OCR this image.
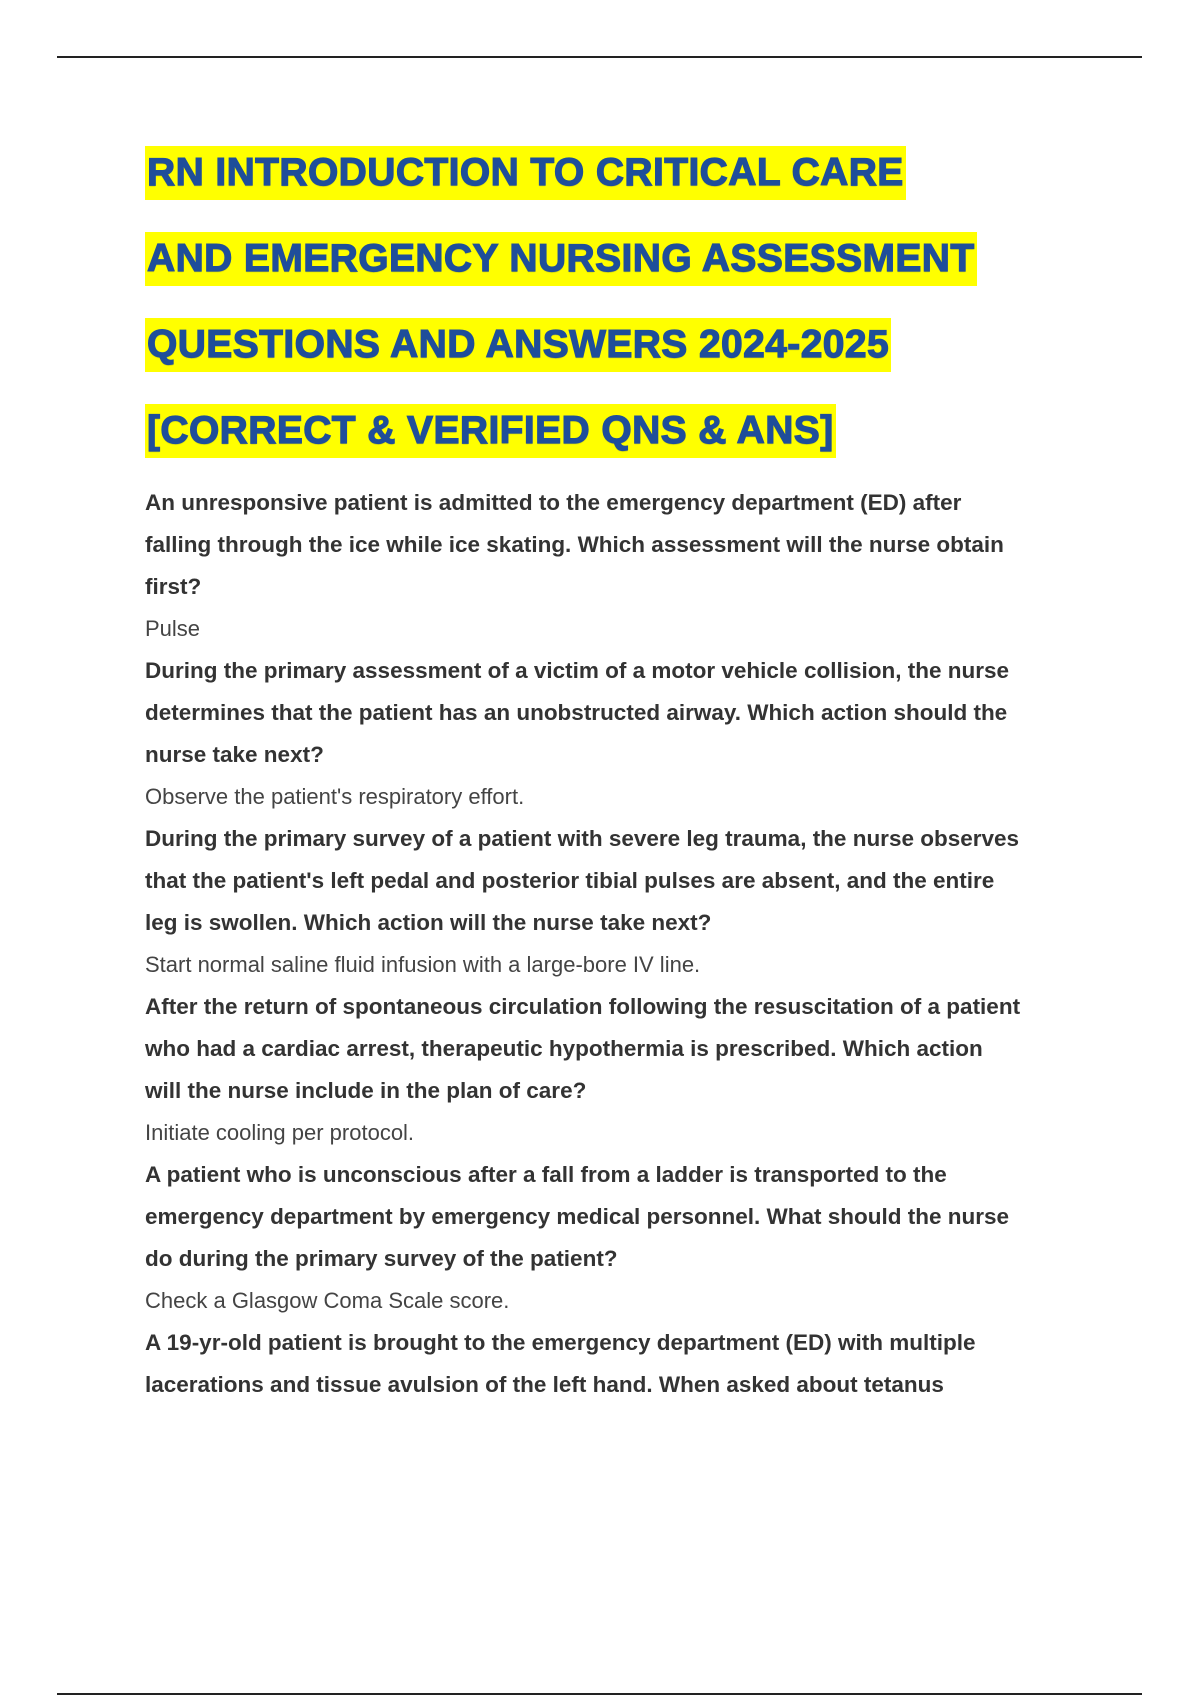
RN INTRODUCTION TO CRITICAL CARE
AND EMERGENCY NURSING ASSESSMENT
QUESTIONS AND ANSWERS 2024-2025
[CORRECT & VERIFIED QNS & ANS]

An unresponsive patient is admitted to the emergency department (ED) after
falling through the ice while ice skating. Which assessment will the nurse obtain
first?

Pulse

During the primary assessment of a victim of a motor vehicle collision, the nurse
determines that the patient has an unobstructed airway. Which action should the
nurse take next?

Observe the patient's respiratory effort.

During the primary survey of a patient with severe leg trauma, the nurse observes
that the patient's left pedal and posterior tibial pulses are absent, and the entire
leg is swollen. Which action will the nurse take next?

Start normal saline fluid infusion with a large-bore IV line.

After the return of spontaneous circulation following the resuscitation of a patient
who had a cardiac arrest, therapeutic hypothermia is prescribed. Which action
will the nurse include in the plan of care?

Initiate cooling per protocol.

A patient who is unconscious after a fall from a ladder is transported to the
emergency department by emergency medical personnel. What should the nurse
do during the primary survey of the patient?

Check a Glasgow Coma Scale score.

A 19-yr-old patient is brought to the emergency department (ED) with multiple
lacerations and tissue avulsion of the left hand. When asked about tetanus
